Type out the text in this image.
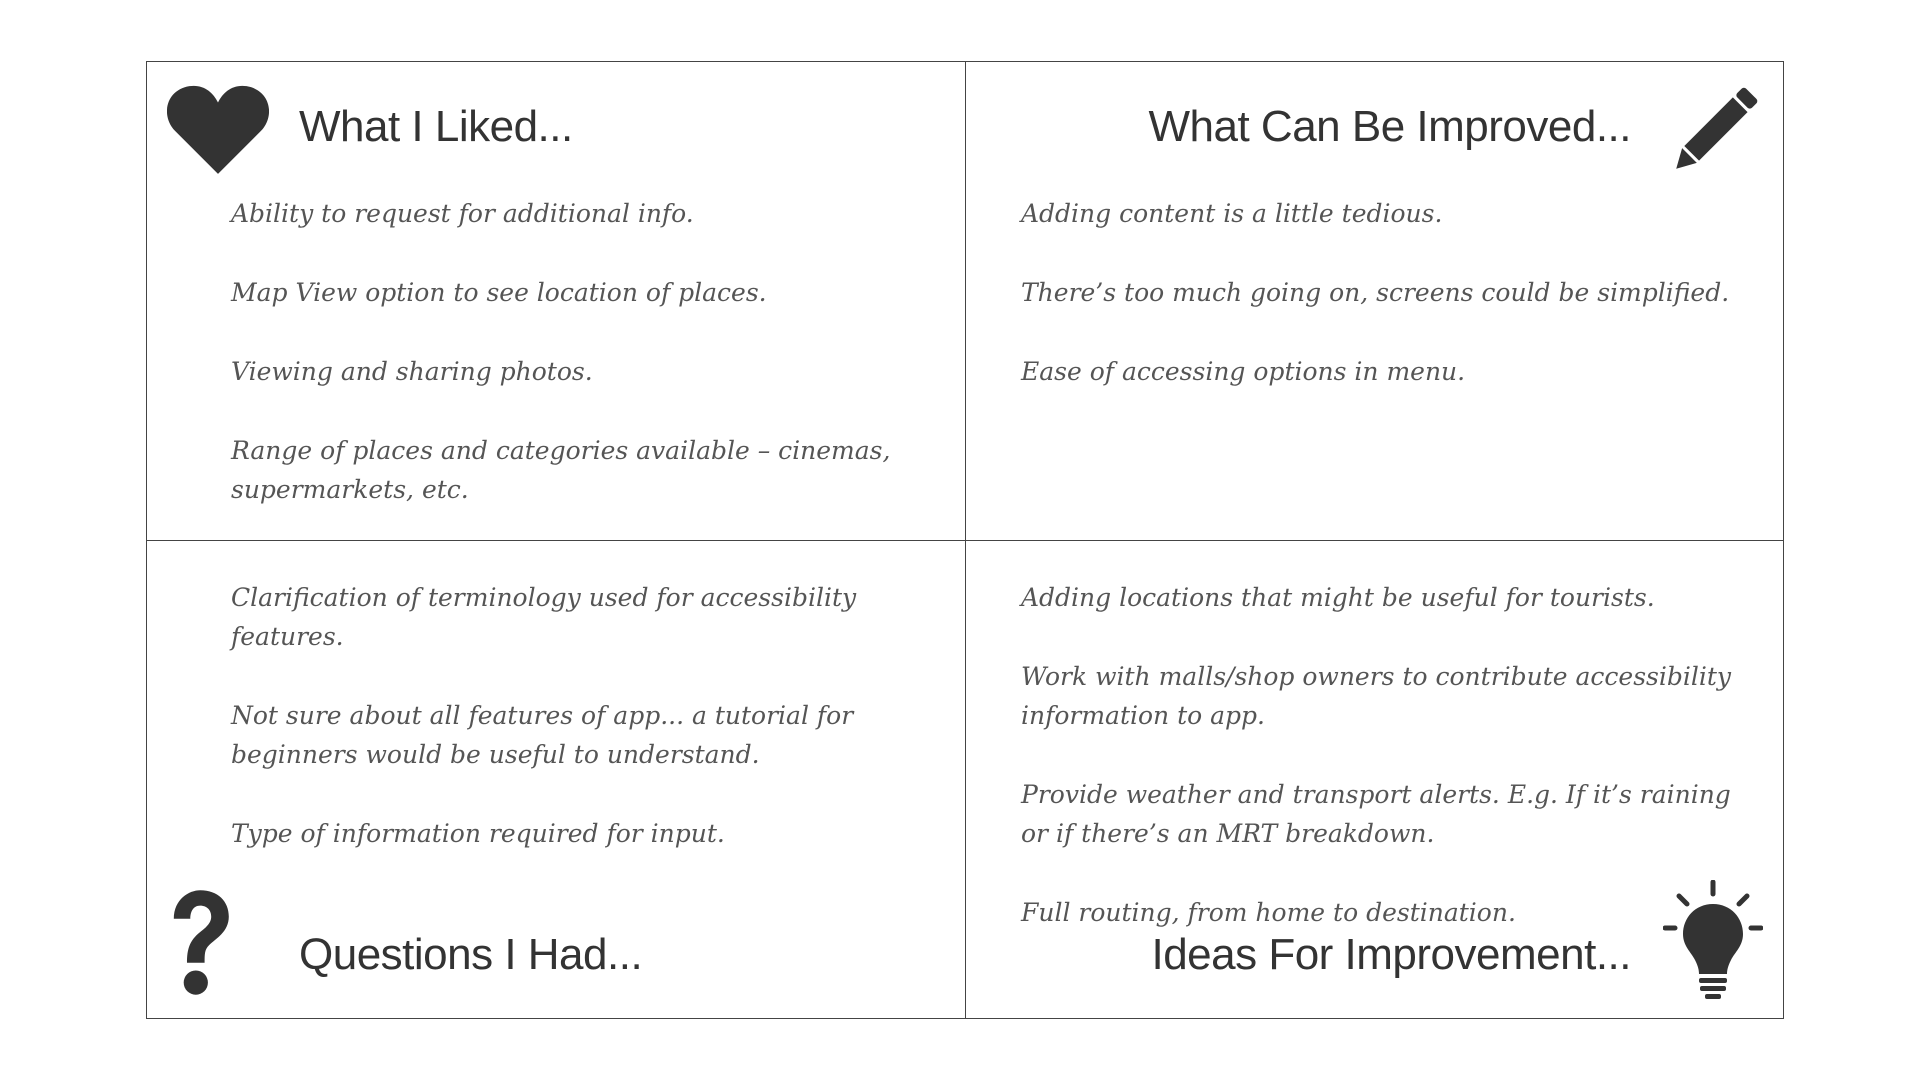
What I Liked...
Ability to request for additional info.
Map View option to see location of places.
Viewing and sharing photos.
Range of places and categories available – cinemas, supermarkets, etc.
What Can Be Improved...
Adding content is a little tedious.
There’s too much going on, screens could be simplified.
Ease of accessing options in menu.
Clarification of terminology used for accessibility features.
Not sure about all features of app... a tutorial for beginners would be useful to understand.
Type of information required for input.
Questions I Had...
Adding locations that might be useful for tourists.
Work with malls/shop owners to contribute accessibility information to app.
Provide weather and transport alerts. E.g. If it’s raining or if there’s an MRT breakdown.
Full routing, from home to destination.
Ideas For Improvement...
